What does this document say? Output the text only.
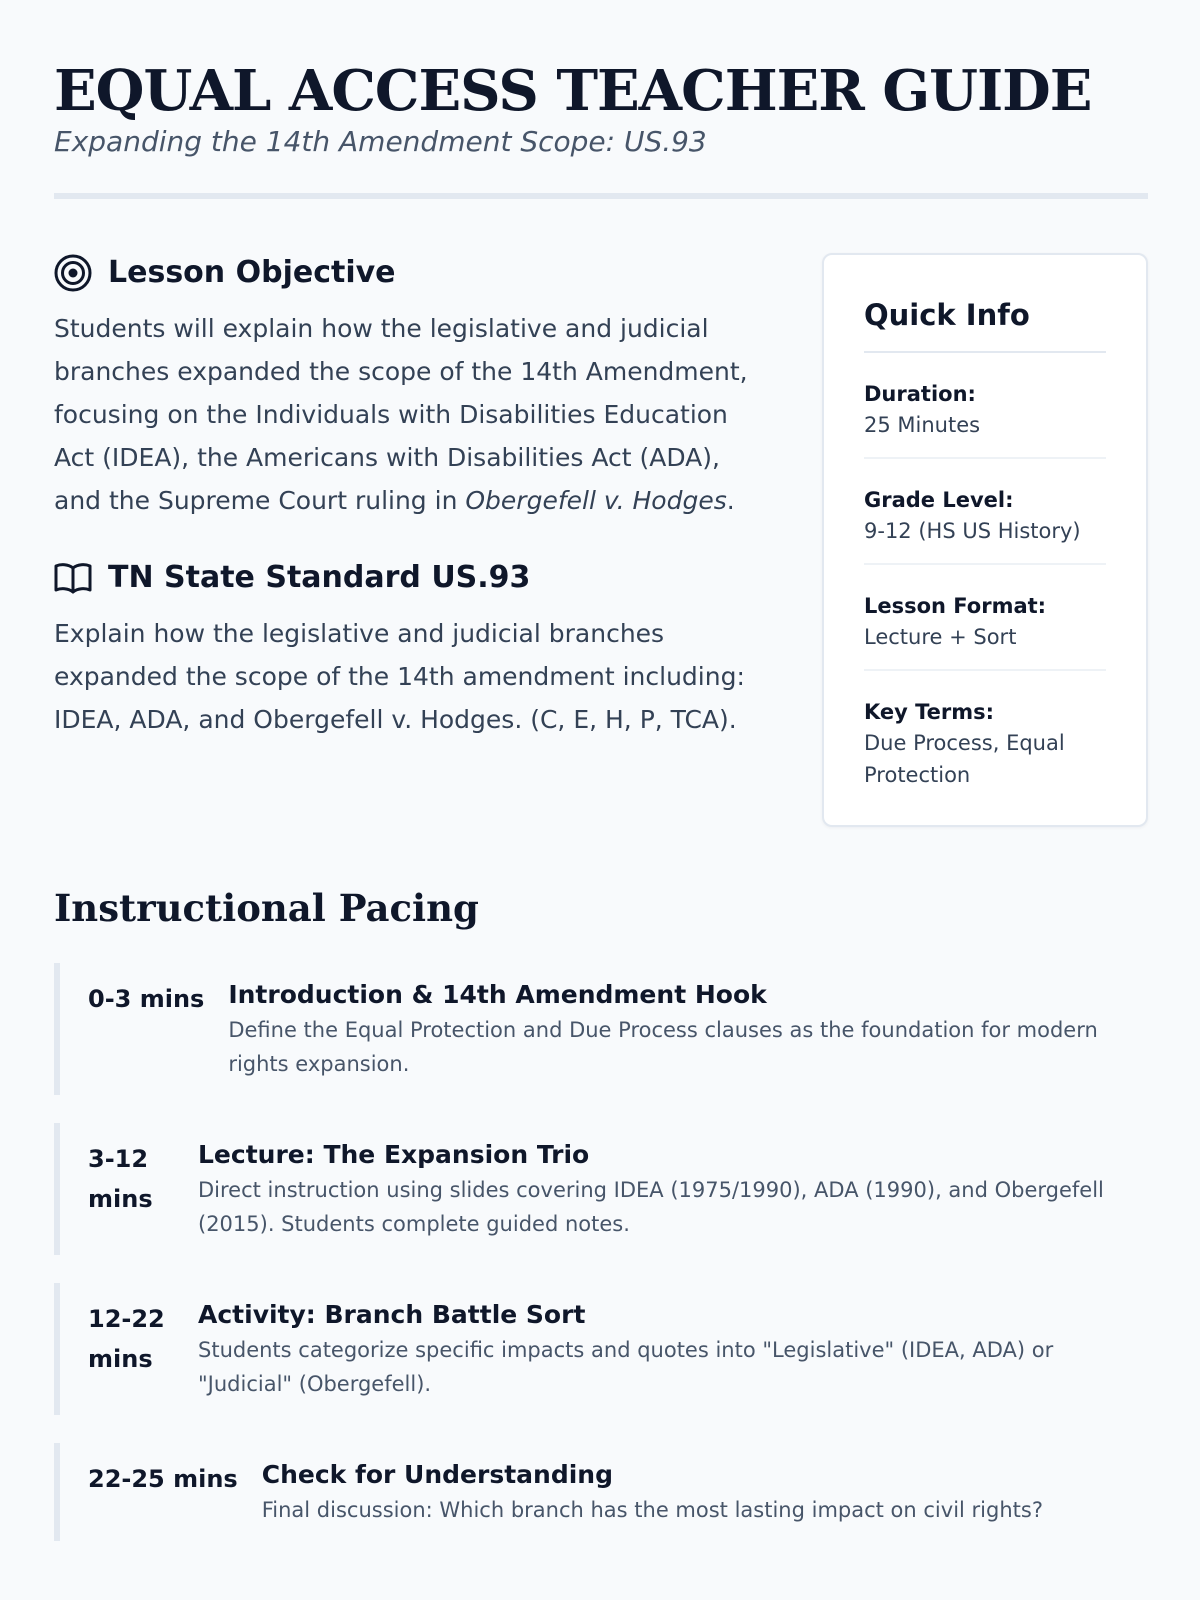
EQUAL ACCESS TEACHER GUIDE
Expanding the 14th Amendment Scope: US.93
Lesson Objective

Students will explain how the legislative and judicial branches expanded the scope of the 14th Amendment, focusing on the Individuals with Disabilities Education Act (IDEA), the Americans with Disabilities Act (ADA), and the Supreme Court ruling in Obergefell v. Hodges.

TN State Standard US.93

Explain how the legislative and judicial branches expanded the scope of the 14th amendment including: IDEA, ADA, and Obergefell v. Hodges. (C, E, H, P, TCA).

Quick Info
Duration:
25 Minutes
Grade Level:
9-12 (HS US History)
Lesson Format:
Lecture + Sort
Key Terms:
Due Process, Equal Protection
Instructional Pacing
0-3 mins Introduction & 14th Amendment Hook
Define the Equal Protection and Due Process clauses as the foundation for modern rights expansion.
3-12 mins
Lecture: The Expansion Trio
Direct instruction using slides covering IDEA (1975/1990), ADA (1990), and Obergefell (2015). Students complete guided notes.
12-22 mins
Activity: Branch Battle Sort
Students categorize specific impacts and quotes into "Legislative" (IDEA, ADA) or "Judicial" (Obergefell).
22-25 mins Check for Understanding
Final discussion: Which branch has the most lasting impact on civil rights?
